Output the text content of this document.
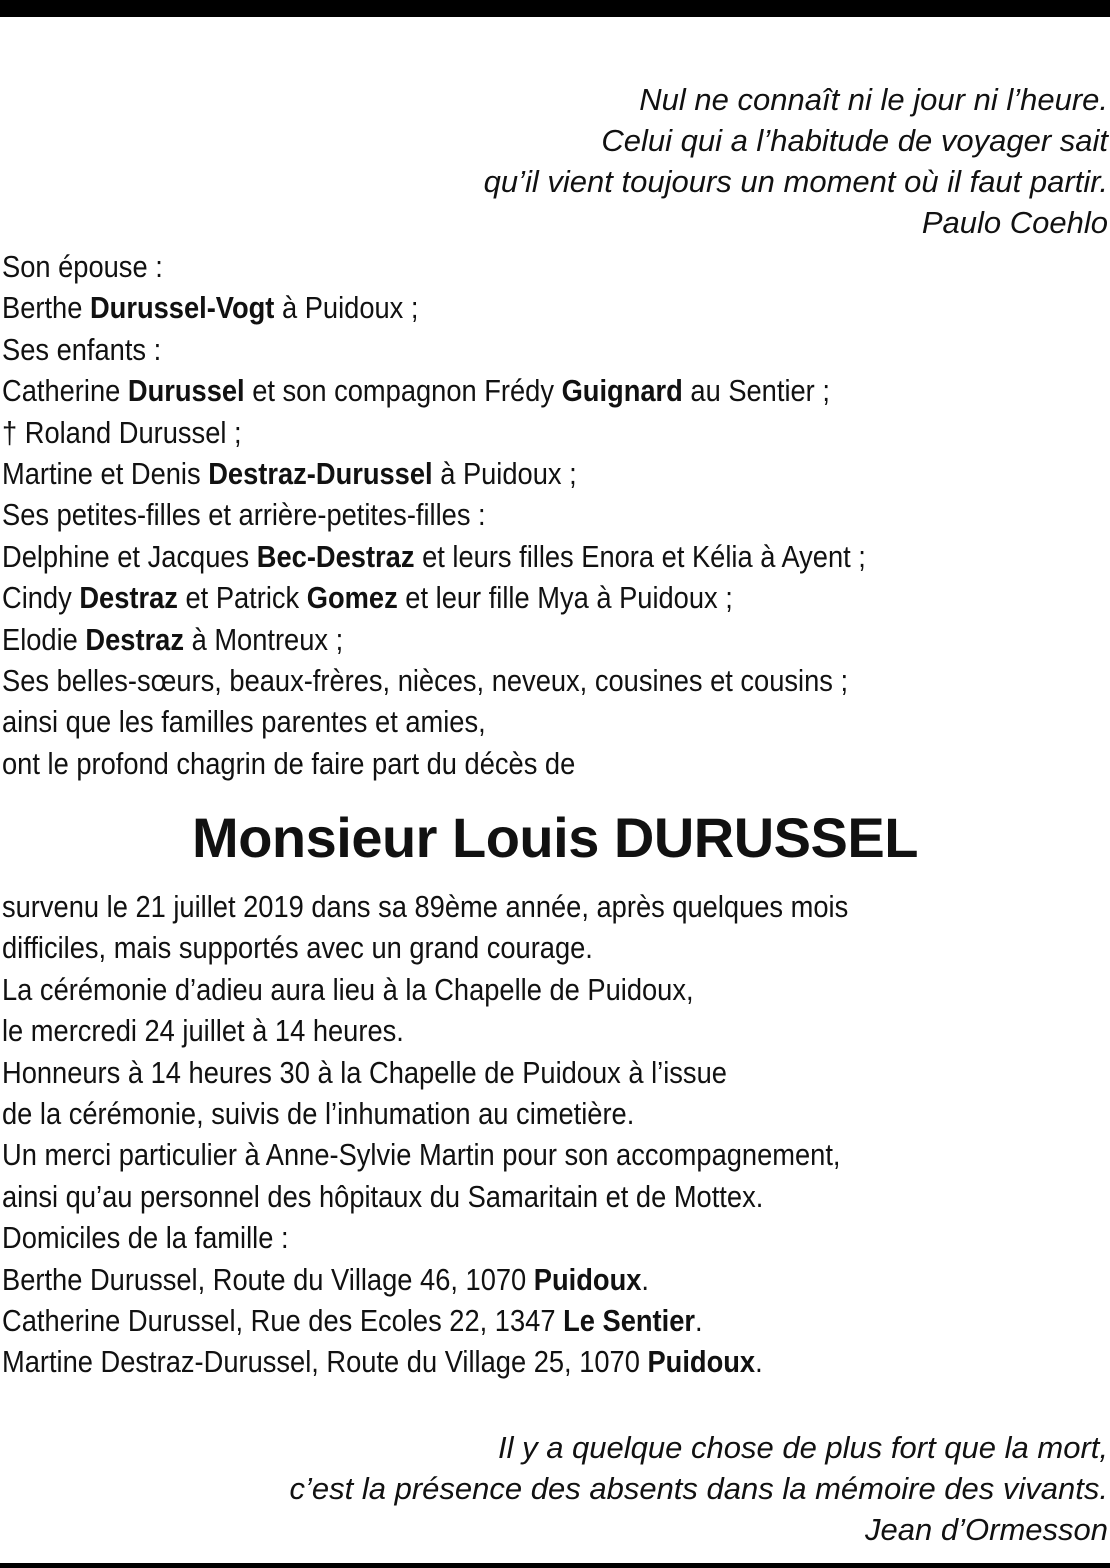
Nul ne connaît ni le jour ni l’heure.
Celui qui a l’habitude de voyager sait
qu’il vient toujours un moment où il faut partir.
Paulo Coehlo
Son épouse :
Berthe Durussel-Vogt à Puidoux ;
Ses enfants :
Catherine Durussel et son compagnon Frédy Guignard au Sentier ;
† Roland Durussel ;
Martine et Denis Destraz-Durussel à Puidoux ;
Ses petites-filles et arrière-petites-filles :
Delphine et Jacques Bec-Destraz et leurs filles Enora et Kélia à Ayent ;
Cindy Destraz et Patrick Gomez et leur fille Mya à Puidoux ;
Elodie Destraz à Montreux ;
Ses belles-sœurs, beaux-frères, nièces, neveux, cousines et cousins ;
ainsi que les familles parentes et amies,
ont le profond chagrin de faire part du décès de
Monsieur Louis DURUSSEL
survenu le 21 juillet 2019 dans sa 89ème année, après quelques mois
difficiles, mais supportés avec un grand courage.
La cérémonie d’adieu aura lieu à la Chapelle de Puidoux,
le mercredi 24 juillet à 14 heures.
Honneurs à 14 heures 30 à la Chapelle de Puidoux à l’issue
de la cérémonie, suivis de l’inhumation au cimetière.
Un merci particulier à Anne-Sylvie Martin pour son accompagnement,
ainsi qu’au personnel des hôpitaux du Samaritain et de Mottex.
Domiciles de la famille :
Berthe Durussel, Route du Village 46, 1070 Puidoux.
Catherine Durussel, Rue des Ecoles 22, 1347 Le Sentier.
Martine Destraz-Durussel, Route du Village 25, 1070 Puidoux.
Il y a quelque chose de plus fort que la mort,
c’est la présence des absents dans la mémoire des vivants.
Jean d’Ormesson
